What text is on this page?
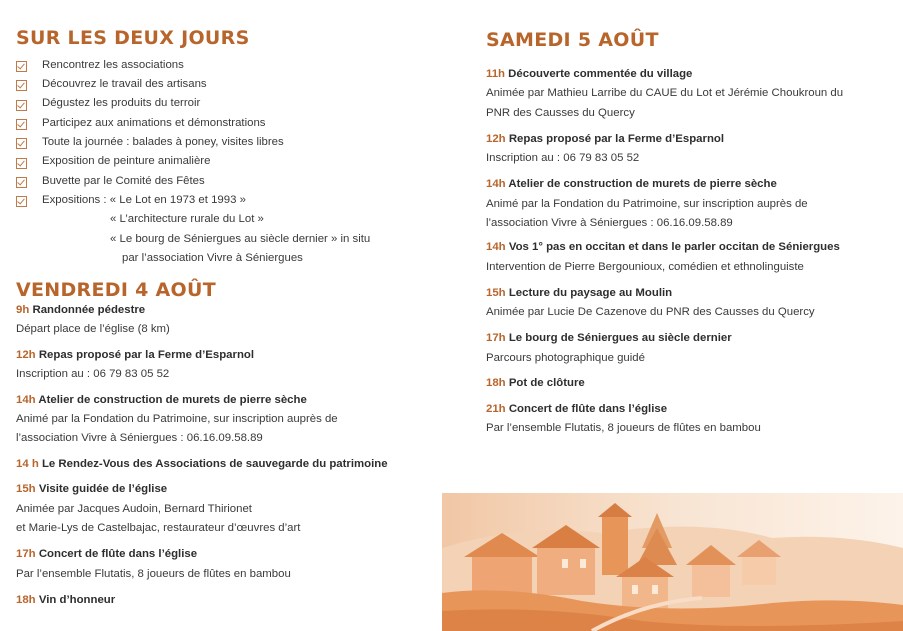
SUR LES DEUX JOURS

Rencontrez les associations

Découvrez le travail des artisans

Dégustez les produits du terroir

Participez aux animations et démonstrations

Toute la journée : balades à poney, visites libres

Exposition de peinture animalière

Buvette par le Comité des Fêtes

Expositions : « Le Lot en 1973 et 1993 »

« L’architecture rurale du Lot »

« Le bourg de Séniergues au siècle dernier » in situ

par l’association Vivre à Séniergues

VENDREDI 4 AOÛT

9h Randonnée pédestre

Départ place de l’église (8 km)

12h Repas proposé par la Ferme d’Esparnol

Inscription au : 06 79 83 05 52

14h Atelier de construction de murets de pierre sèche

Animé par la Fondation du Patrimoine, sur inscription auprès de

l’association Vivre à Séniergues : 06.16.09.58.89

14 h Le Rendez-Vous des Associations de sauvegarde du patrimoine

15h Visite guidée de l’église

Animée par Jacques Audoin, Bernard Thirionet

et Marie-Lys de Castelbajac, restaurateur d’œuvres d’art

17h Concert de flûte dans l’église

Par l’ensemble Flutatis, 8 joueurs de flûtes en bambou

18h Vin d’honneur

SAMEDI 5 AOÛT

11h Découverte commentée du village

Animée par Mathieu Larribe du CAUE du Lot et Jérémie Choukroun du

PNR des Causses du Quercy

12h Repas proposé par la Ferme d’Esparnol

Inscription au : 06 79 83 05 52

14h Atelier de construction de murets de pierre sèche

Animé par la Fondation du Patrimoine, sur inscription auprès de

l’association Vivre à Séniergues : 06.16.09.58.89

14h Vos 1° pas en occitan et dans le parler occitan de Séniergues

Intervention de Pierre Bergounioux, comédien et ethnolinguiste

15h Lecture du paysage au Moulin

Animée par Lucie De Cazenove du PNR des Causses du Quercy

17h Le bourg de Séniergues au siècle dernier

Parcours photographique guidé

18h Pot de clôture

21h Concert de flûte dans l’église

Par l’ensemble Flutatis, 8 joueurs de flûtes en bambou
